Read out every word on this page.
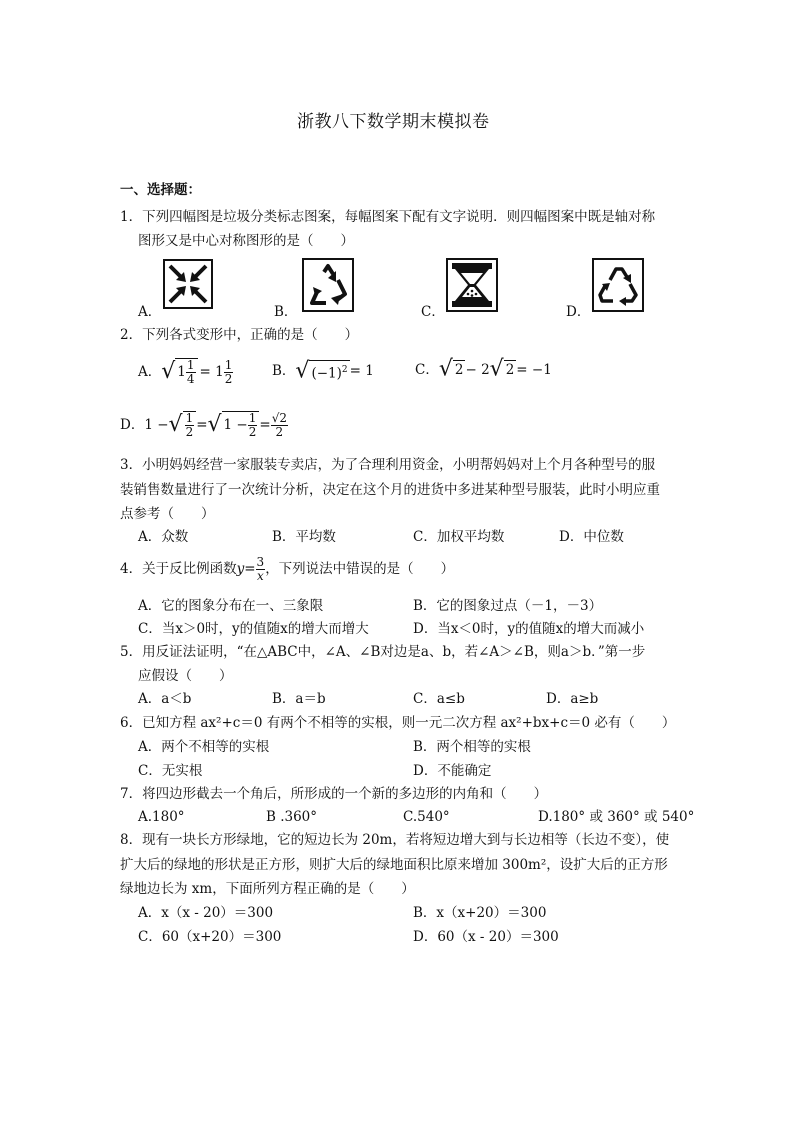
浙教八下数学期末模拟卷
一、选择题：
1．下列四幅图是垃圾分类标志图案，每幅图案下配有文字说明．则四幅图案中既是轴对称
图形又是中心对称图形的是（　　）
A．	B．	C．	D．
2．下列各式变形中，正确的是（　　）
A． √ $1 \frac{1}{4} = 1 \frac{1}{2}$	B． √ $(-1)^2 = 1$	C． √ 2 − 2 √ 2 = −1
D． 1 − √ $\frac{1}{2}$ = √ $1 - \frac{1}{2} = \frac{√2}{2}$
3．小明妈妈经营一家服装专卖店，为了合理利用资金，小明帮妈妈对上个月各种型号的服
装销售数量进行了一次统计分析，决定在这个月的进货中多进某种型号服装，此时小明应重
点参考（　　）
A．众数	B．平均数	C．加权平均数	D．中位数
4．关于反比例函数 $y = \frac{3}{x}$ ，下列说法中错误的是（　　）
A．它的图象分布在一、三象限	B．它的图象过点（－1，－3）
C．当x＞0时，y的值随x的增大而增大	D．当x＜0时，y的值随x的增大而减小
5．用反证法证明，“在△ABC中，∠A、∠B对边是a、b，若∠A＞∠B，则a＞b．”第一步
应假设（　　）
A．a＜b	B．a＝b	C．a≤b	D．a≥b
6．已知方程 ax²+c＝0 有两个不相等的实根，则一元二次方程 ax²+bx+c＝0 必有（　　）
A．两个不相等的实根	B．两个相等的实根
C．无实根	D．不能确定
7．将四边形截去一个角后，所形成的一个新的多边形的内角和（　　）
A.180°	B .360°	C.540°	D.180° 或 360° 或 540°
8．现有一块长方形绿地，它的短边长为 20m，若将短边增大到与长边相等（长边不变），使
扩大后的绿地的形状是正方形，则扩大后的绿地面积比原来增加 300m²，设扩大后的正方形
绿地边长为 xm，下面所列方程正确的是（　　）
A．x（x - 20）＝300	B．x（x+20）＝300
C．60（x+20）＝300	D．60（x - 20）＝300
